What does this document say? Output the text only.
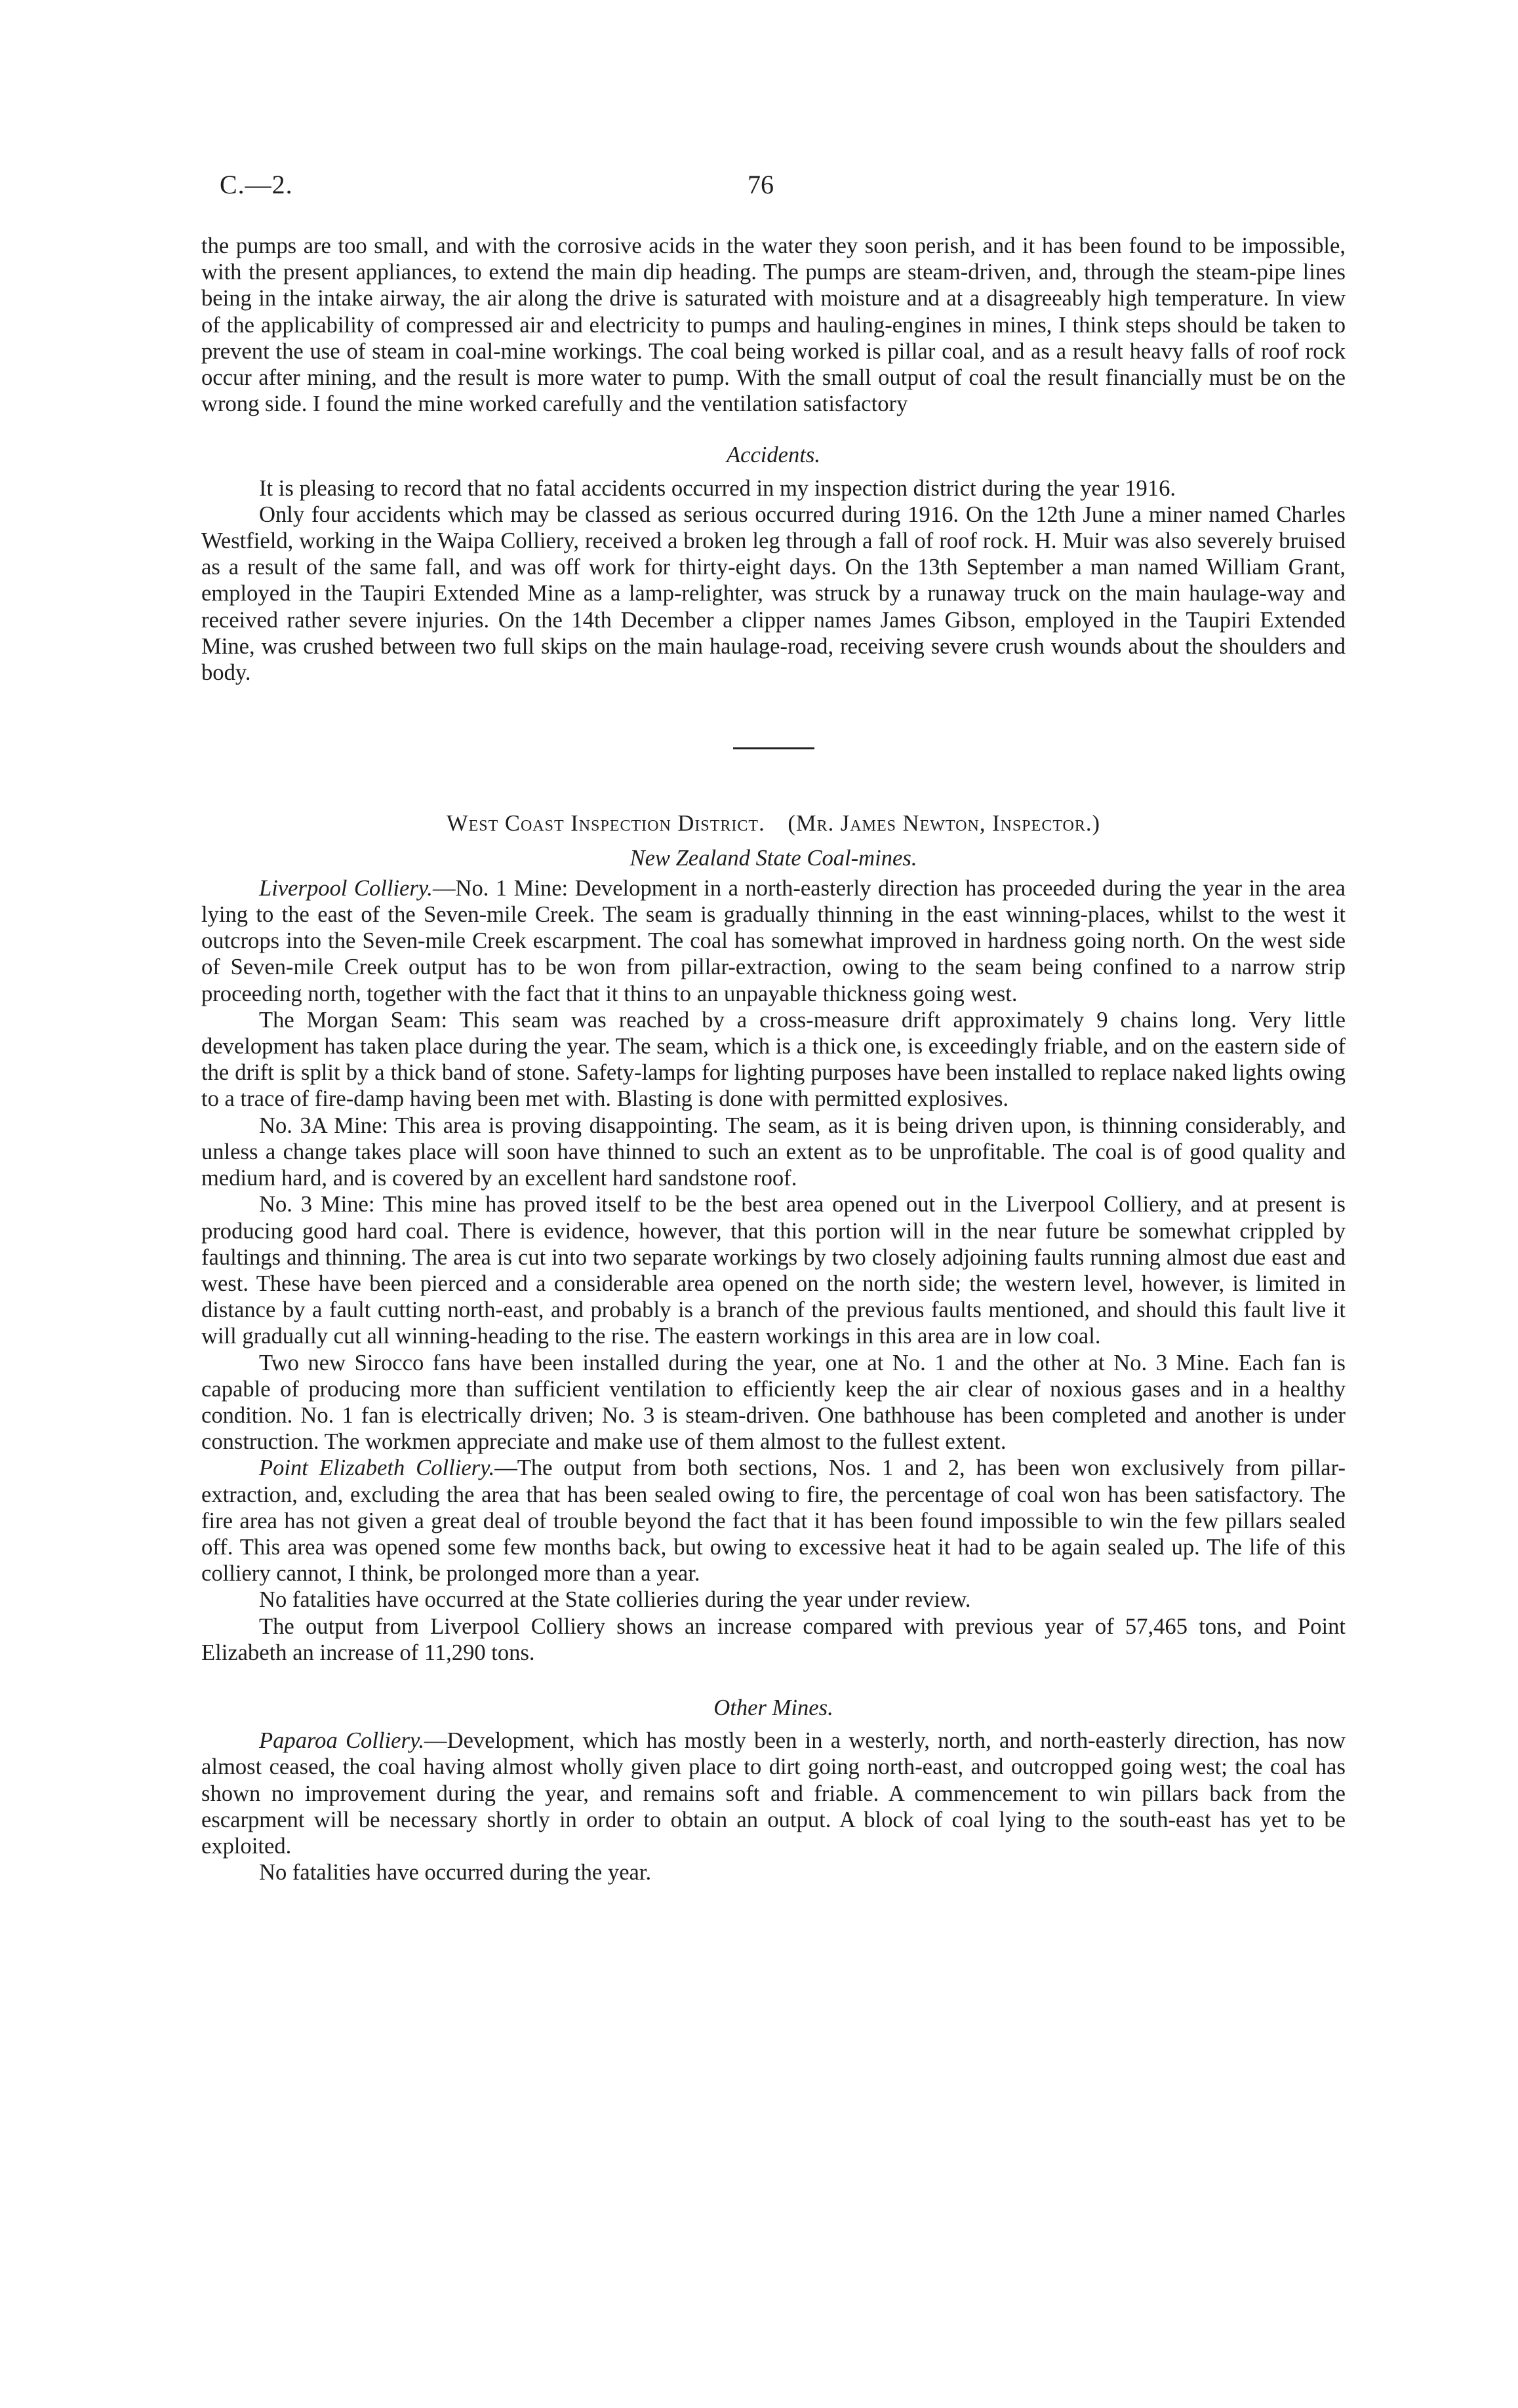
C.—2.	76

the pumps are too small, and with the corrosive acids in the water they soon perish, and it has been found to be impossible, with the present appliances, to extend the main dip heading. The pumps are steam-driven, and, through the steam-pipe lines being in the intake airway, the air along the drive is saturated with moisture and at a disagreeably high temperature. In view of the applicability of compressed air and electricity to pumps and hauling-engines in mines, I think steps should be taken to prevent the use of steam in coal-mine workings. The coal being worked is pillar coal, and as a result heavy falls of roof rock occur after mining, and the result is more water to pump. With the small output of coal the result financially must be on the wrong side. I found the mine worked carefully and the ventilation satisfactory

Accidents.

It is pleasing to record that no fatal accidents occurred in my inspection district during the year 1916.

Only four accidents which may be classed as serious occurred during 1916. On the 12th June a miner named Charles Westfield, working in the Waipa Colliery, received a broken leg through a fall of roof rock. H. Muir was also severely bruised as a result of the same fall, and was off work for thirty-eight days. On the 13th September a man named William Grant, employed in the Taupiri Extended Mine as a lamp-relighter, was struck by a runaway truck on the main haulage-way and received rather severe injuries. On the 14th December a clipper names James Gibson, employed in the Taupiri Extended Mine, was crushed between two full skips on the main haulage-road, receiving severe crush wounds about the shoulders and body.

West Coast Inspection District. (Mr. James Newton, Inspector.)
New Zealand State Coal-mines.

Liverpool Colliery.—No. 1 Mine: Development in a north-easterly direction has proceeded during the year in the area lying to the east of the Seven-mile Creek. The seam is gradually thinning in the east winning-places, whilst to the west it outcrops into the Seven-mile Creek escarpment. The coal has somewhat improved in hardness going north. On the west side of Seven-mile Creek output has to be won from pillar-extraction, owing to the seam being confined to a narrow strip proceeding north, together with the fact that it thins to an unpayable thickness going west.

The Morgan Seam: This seam was reached by a cross-measure drift approximately 9 chains long. Very little development has taken place during the year. The seam, which is a thick one, is exceedingly friable, and on the eastern side of the drift is split by a thick band of stone. Safety-lamps for lighting purposes have been installed to replace naked lights owing to a trace of fire-damp having been met with. Blasting is done with permitted explosives.

No. 3A Mine: This area is proving disappointing. The seam, as it is being driven upon, is thinning considerably, and unless a change takes place will soon have thinned to such an extent as to be unprofitable. The coal is of good quality and medium hard, and is covered by an excellent hard sandstone roof.

No. 3 Mine: This mine has proved itself to be the best area opened out in the Liverpool Colliery, and at present is producing good hard coal. There is evidence, however, that this portion will in the near future be somewhat crippled by faultings and thinning. The area is cut into two separate workings by two closely adjoining faults running almost due east and west. These have been pierced and a considerable area opened on the north side; the western level, however, is limited in distance by a fault cutting north-east, and probably is a branch of the previous faults mentioned, and should this fault live it will gradually cut all winning-heading to the rise. The eastern workings in this area are in low coal.

Two new Sirocco fans have been installed during the year, one at No. 1 and the other at No. 3 Mine. Each fan is capable of producing more than sufficient ventilation to efficiently keep the air clear of noxious gases and in a healthy condition. No. 1 fan is electrically driven; No. 3 is steam-driven. One bathhouse has been completed and another is under construction. The workmen appreciate and make use of them almost to the fullest extent.

Point Elizabeth Colliery.—The output from both sections, Nos. 1 and 2, has been won exclusively from pillar-extraction, and, excluding the area that has been sealed owing to fire, the percentage of coal won has been satisfactory. The fire area has not given a great deal of trouble beyond the fact that it has been found impossible to win the few pillars sealed off. This area was opened some few months back, but owing to excessive heat it had to be again sealed up. The life of this colliery cannot, I think, be prolonged more than a year.

No fatalities have occurred at the State collieries during the year under review.

The output from Liverpool Colliery shows an increase compared with previous year of 57,465 tons, and Point Elizabeth an increase of 11,290 tons.

Other Mines.

Paparoa Colliery.—Development, which has mostly been in a westerly, north, and north-easterly direction, has now almost ceased, the coal having almost wholly given place to dirt going north-east, and outcropped going west; the coal has shown no improvement during the year, and remains soft and friable. A commencement to win pillars back from the escarpment will be necessary shortly in order to obtain an output. A block of coal lying to the south-east has yet to be exploited.

No fatalities have occurred during the year.
